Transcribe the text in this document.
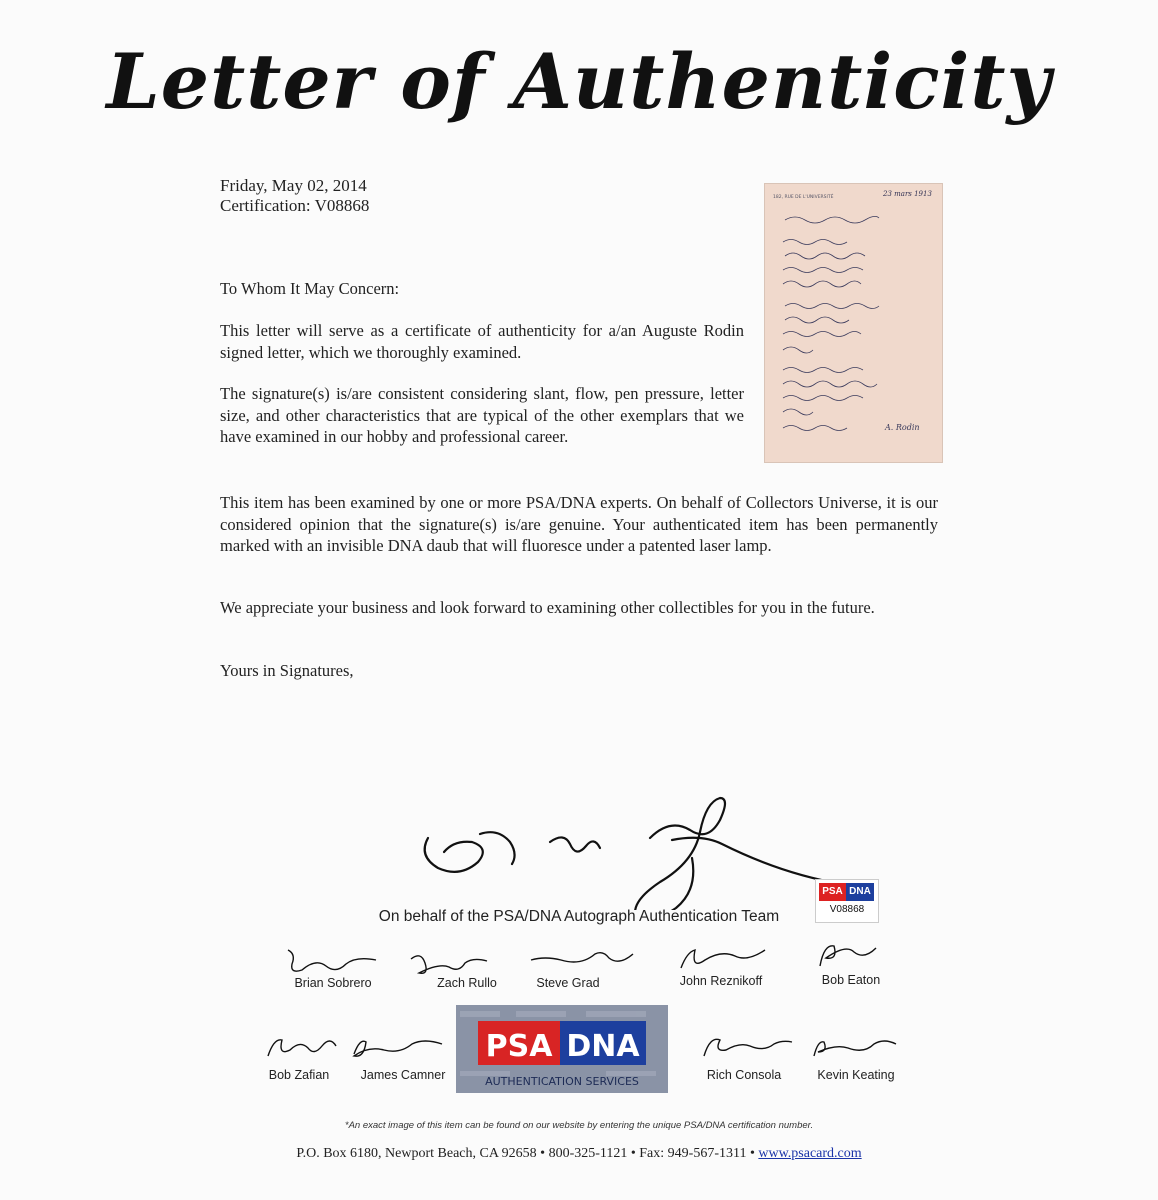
Letter of Authenticity
Friday, May 02, 2014
Certification: V08868	182, RUE DE L'UNIVERSITÉ	23 mars 1913
A. Rodin
To Whom It May Concern:
This letter will serve as a certificate of authenticity for a/an Auguste Rodin signed letter, which we thoroughly examined.
The signature(s) is/are consistent considering slant, flow, pen pressure, letter size, and other characteristics that are typical of the other exemplars that we have examined in our hobby and professional career.
This item has been examined by one or more PSA/DNA experts. On behalf of Collectors Universe, it is our considered opinion that the signature(s) is/are genuine. Your authenticated item has been permanently marked with an invisible DNA daub that will fluoresce under a patented laser lamp.
We appreciate your business and look forward to examining other collectibles for you in the future.
Yours in Signatures,
PSA DNA
V08868
On behalf of the PSA/DNA Autograph Authentication Team
Brian Sobrero	Zach Rullo	Steve Grad	John Reznikoff	Bob Eaton
PSA DNA
AUTHENTICATION SERVICES
Bob Zafian	James Camner	Rich Consola	Kevin Keating
*An exact image of this item can be found on our website by entering the unique PSA/DNA certification number.
P.O. Box 6180, Newport Beach, CA 92658 • 800-325-1121 • Fax: 949-567-1311 • www.psacard.com
